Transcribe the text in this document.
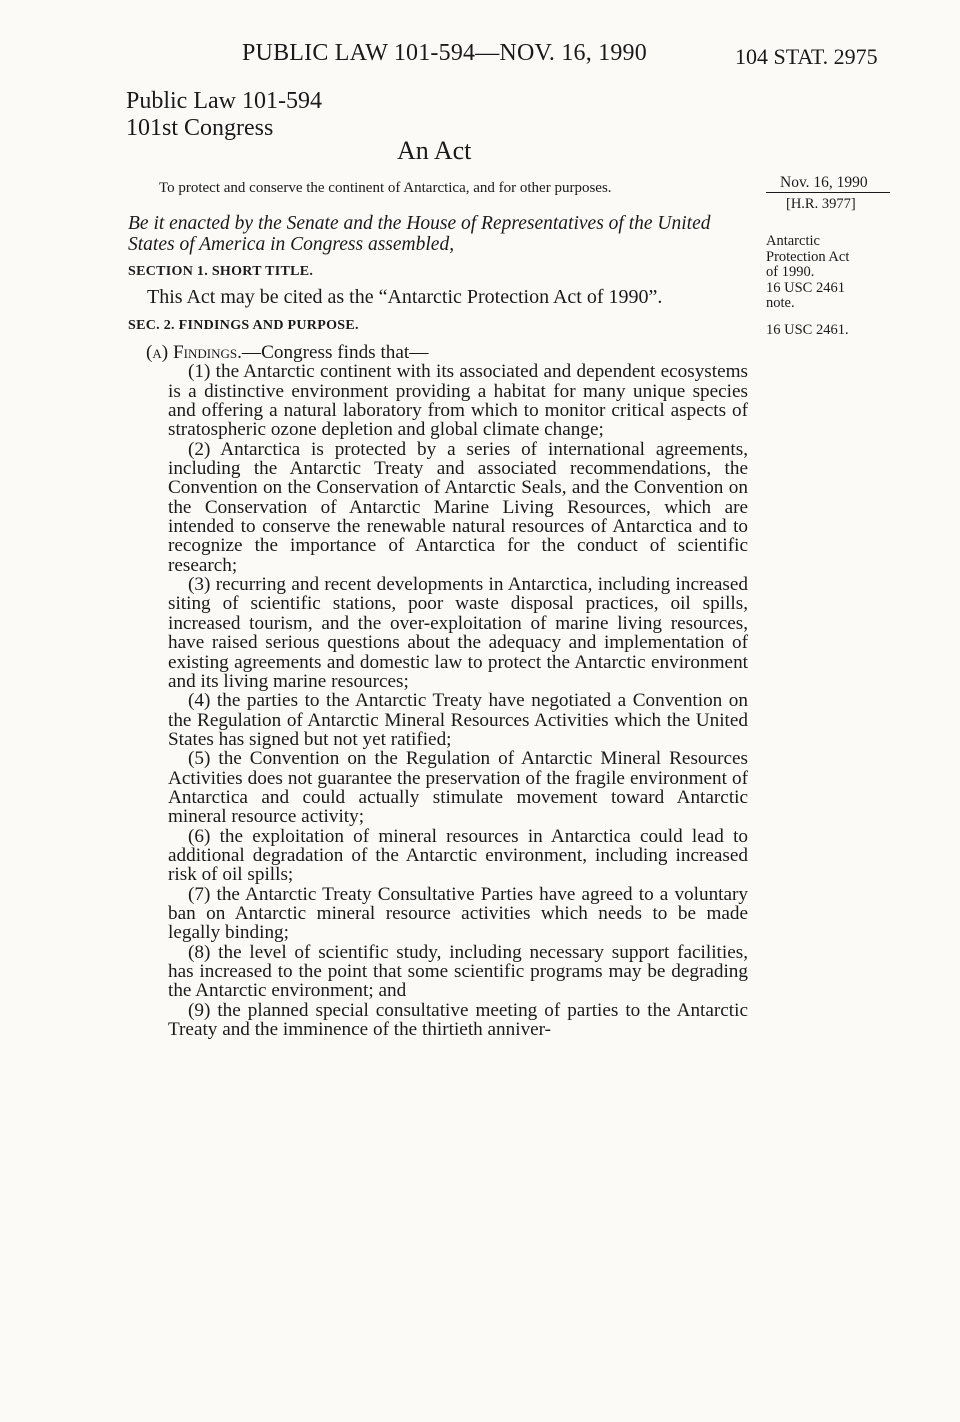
PUBLIC LAW 101-594—NOV. 16, 1990	104 STAT. 2975
Public Law 101-594
101st Congress
An Act
To protect and conserve the continent of Antarctica, and for other purposes.
Be it enacted by the Senate and the House of Representatives of the United States of America in Congress assembled,
SECTION 1. SHORT TITLE.
This Act may be cited as the “Antarctic Protection Act of 1990”.
SEC. 2. FINDINGS AND PURPOSE.

(a) Findings.—Congress finds that—

(1) the Antarctic continent with its associated and dependent ecosystems is a distinctive environment providing a habitat for many unique species and offering a natural laboratory from which to monitor critical aspects of stratospheric ozone depletion and global climate change;

(2) Antarctica is protected by a series of international agreements, including the Antarctic Treaty and associated recommendations, the Convention on the Conservation of Antarctic Seals, and the Convention on the Conservation of Antarctic Marine Living Resources, which are intended to conserve the renewable natural resources of Antarctica and to recognize the importance of Antarctica for the conduct of scientific research;

(3) recurring and recent developments in Antarctica, including increased siting of scientific stations, poor waste disposal practices, oil spills, increased tourism, and the over-exploitation of marine living resources, have raised serious questions about the adequacy and implementation of existing agreements and domestic law to protect the Antarctic environment and its living marine resources;

(4) the parties to the Antarctic Treaty have negotiated a Convention on the Regulation of Antarctic Mineral Resources Activities which the United States has signed but not yet ratified;

(5) the Convention on the Regulation of Antarctic Mineral Resources Activities does not guarantee the preservation of the fragile environment of Antarctica and could actually stimulate movement toward Antarctic mineral resource activity;

(6) the exploitation of mineral resources in Antarctica could lead to additional degradation of the Antarctic environment, including increased risk of oil spills;

(7) the Antarctic Treaty Consultative Parties have agreed to a voluntary ban on Antarctic mineral resource activities which needs to be made legally binding;

(8) the level of scientific study, including necessary support facilities, has increased to the point that some scientific programs may be degrading the Antarctic environment; and

(9) the planned special consultative meeting of parties to the Antarctic Treaty and the imminence of the thirtieth anniver-

Nov. 16, 1990
[H.R. 3977]
Antarctic
Protection Act
of 1990.
16 USC 2461
note.
16 USC 2461.
